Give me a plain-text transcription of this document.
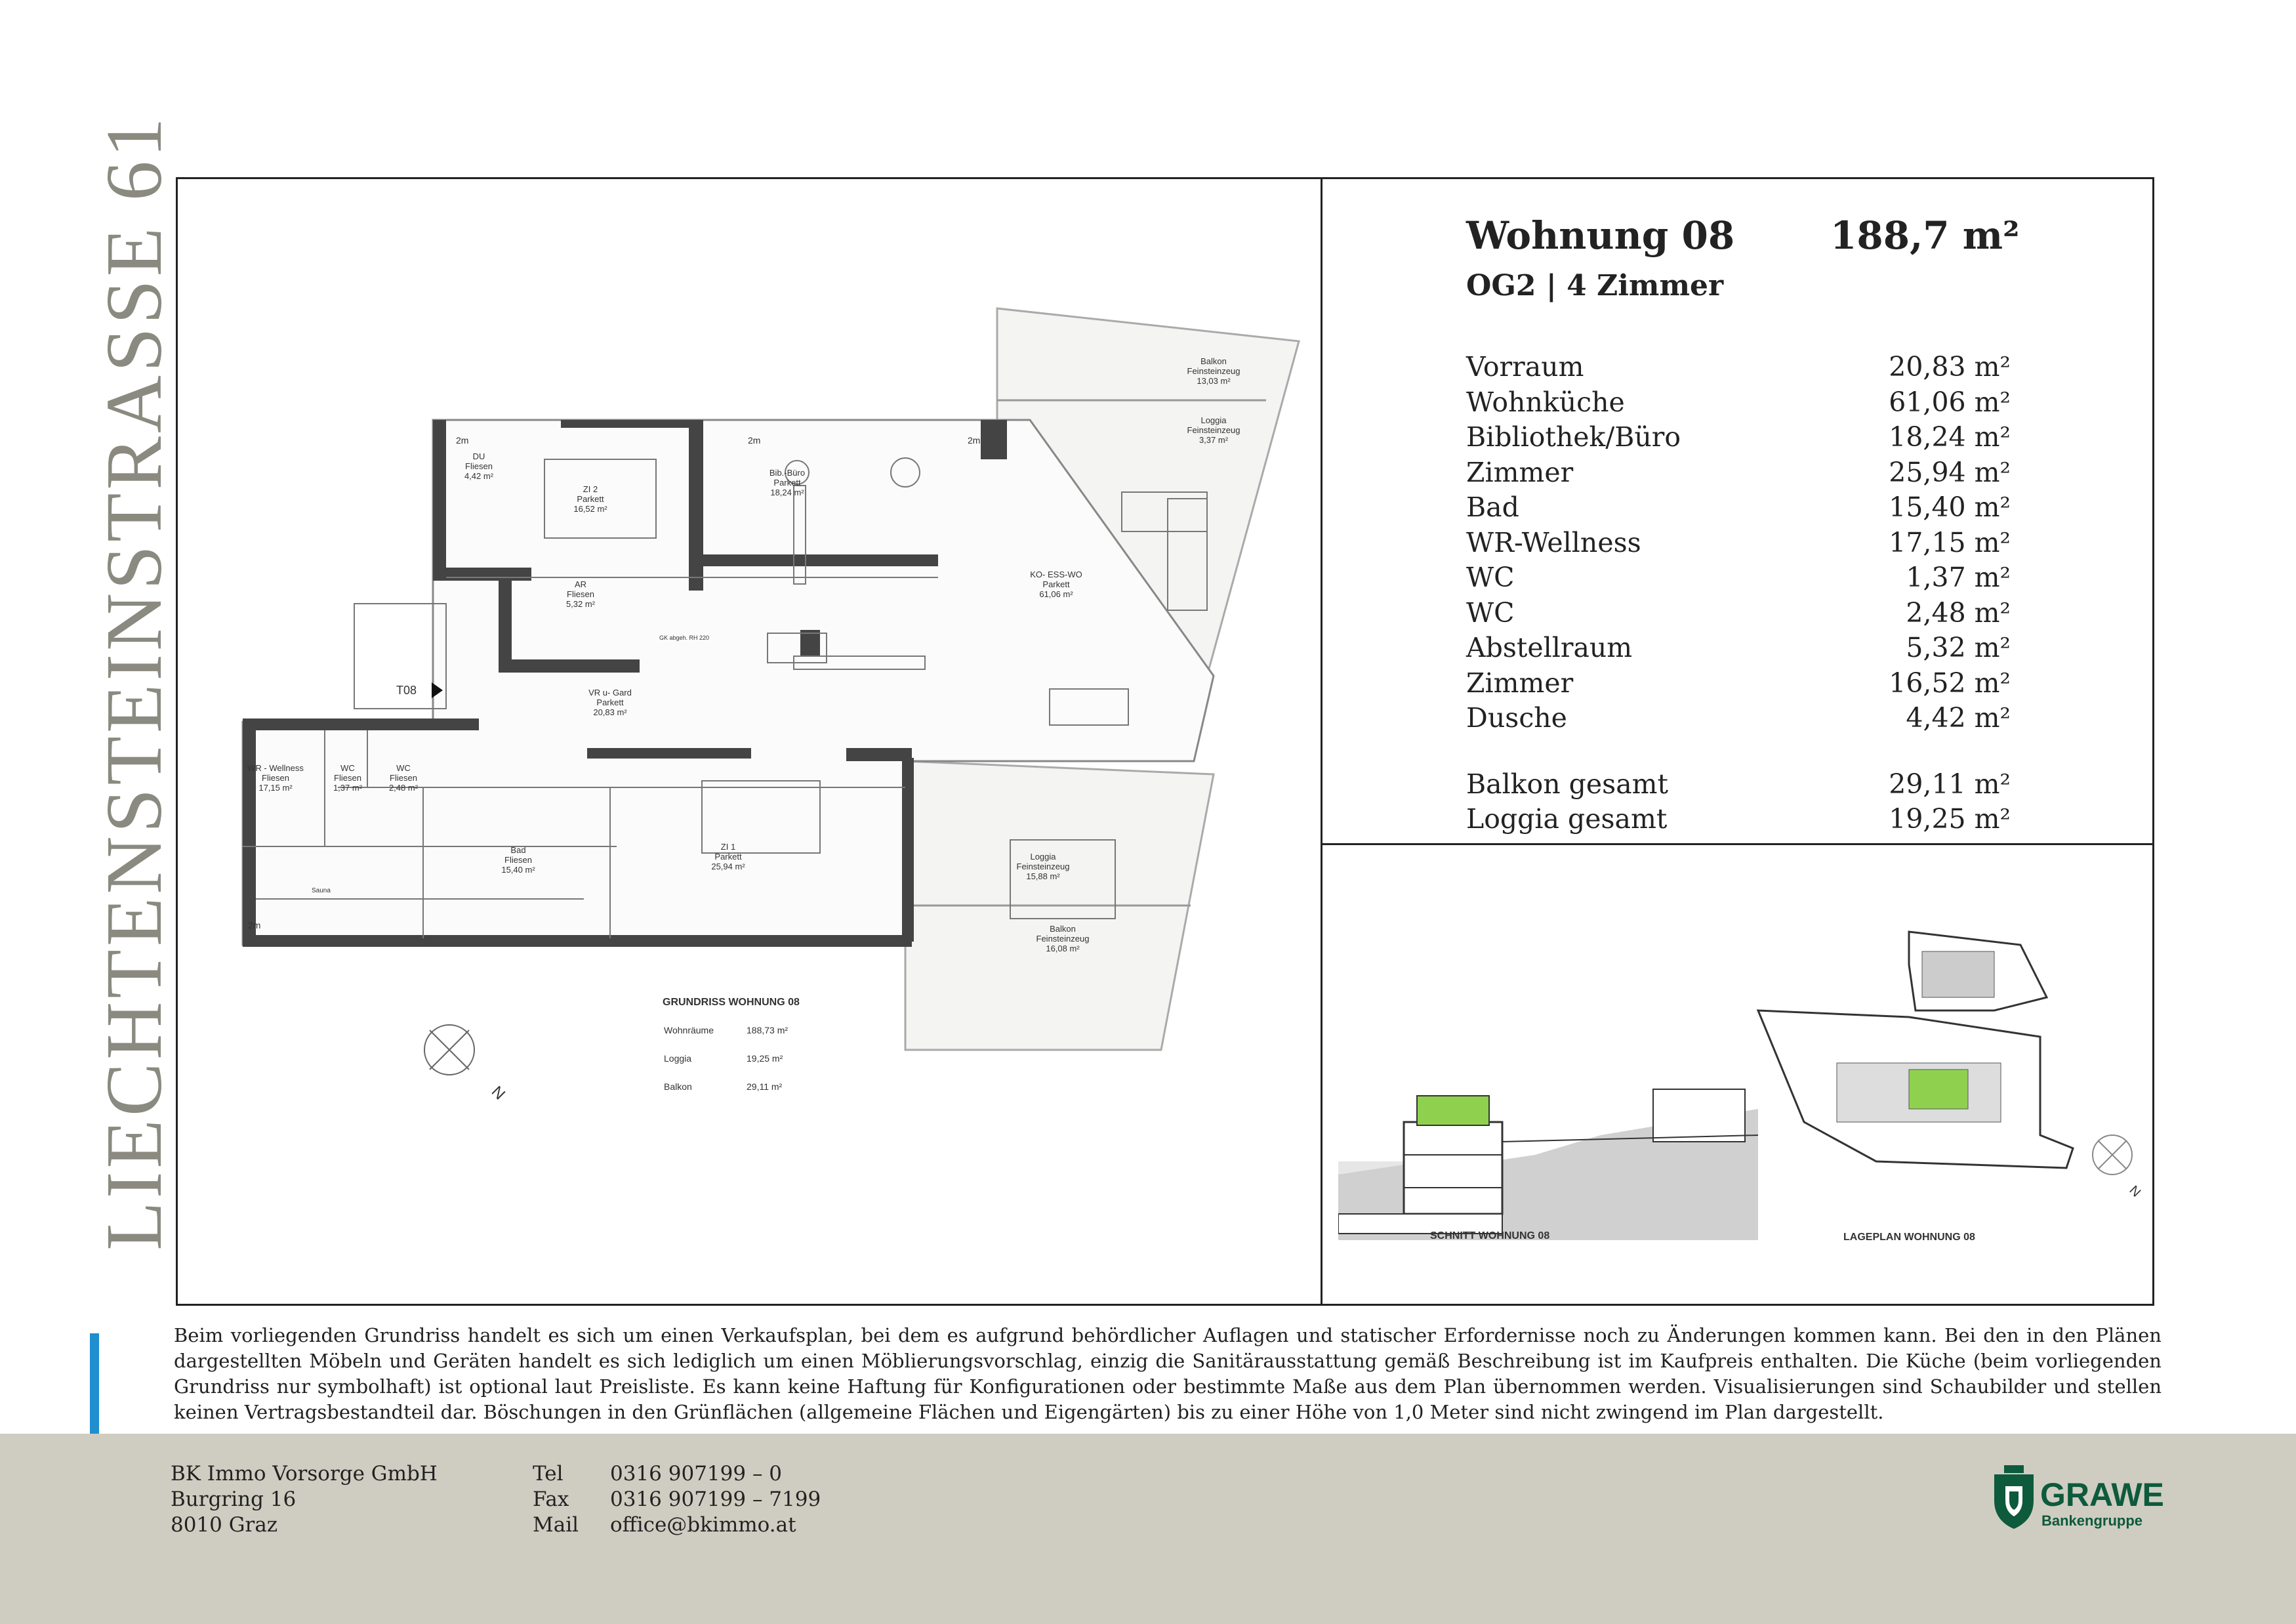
LIECHTENSTEINSTRASSE 61	Wohnung 08	188,7 m²
OG2 | 4 Zimmer
Vorraum	20,83 m²
Wohnküche	61,06 m²
Bibliothek/Büro	18,24 m²
Zimmer	25,94 m²
Bad	15,40 m²
WR-Wellness	17,15 m²
WC	1,37 m²
WC	2,48 m²
Abstellraum	5,32 m²
Zimmer	16,52 m²
Dusche	4,42 m²
Balkon gesamt	29,11 m²
Loggia gesamt	19,25 m²
Balkon
Feinsteinzeug
13,03 m²
Loggia
Feinsteinzeug
3,37 m²
DU
Fliesen
4,42 m²
ZI 2
Parkett
16,52 m²
Bib.-Büro
Parkett
18,24 m²
AR
Fliesen
5,32 m²
KO- ESS-WO
Parkett
61,06 m²
VR u- Gard
Parkett
20,83 m²
WR - Wellness
Fliesen
17,15 m²
WC
Fliesen
1,37 m²
WC
Fliesen
2,48 m²
Bad
Fliesen
15,40 m²
ZI 1
Parkett
25,94 m²
Loggia
Feinsteinzeug
15,88 m²
Balkon
Feinsteinzeug
16,08 m²
T08
Sauna
GK abgeh. RH 220
2m	2m	2m
2m
GRUNDRISS WOHNUNG 08
Wohnräume	188,73 m²
Loggia	19,25 m²
Balkon	29,11 m²
N
SCHNITT WOHNUNG 08
N
LAGEPLAN WOHNUNG 08
Beim vorliegenden Grundriss handelt es sich um einen Verkaufsplan, bei dem es aufgrund behördlicher Auflagen und statischer Erfordernisse noch zu Änderungen kommen kann. Bei den in den Plänen dargestellten Möbeln und Geräten handelt es sich lediglich um einen Möblierungsvorschlag, einzig die Sanitärausstattung gemäß Beschreibung ist im Kaufpreis enthalten. Die Küche (beim vorliegenden Grundriss nur symbolhaft) ist optional laut Preisliste. Es kann keine Haftung für Konfigurationen oder bestimmte Maße aus dem Plan übernommen werden. Visualisierungen sind Schaubilder und stellen keinen Vertragsbestandteil dar. Böschungen in den Grünflächen (allgemeine Flächen und Eigengärten) bis zu einer Höhe von 1,0 Meter sind nicht zwingend im Plan dargestellt.
BK Immo Vorsorge GmbH
Burgring 16
8010 Graz
Tel 0316 907199 – 0
Fax 0316 907199 – 7199
Mail office@bkimmo.at
GRAWE
Bankengruppe
